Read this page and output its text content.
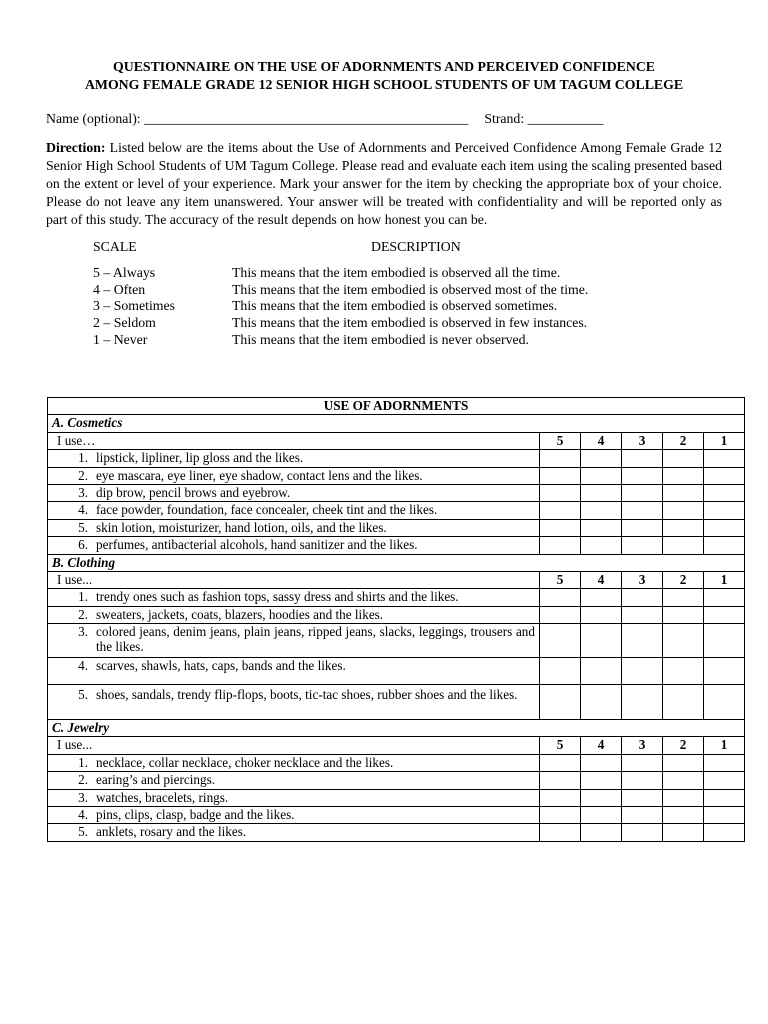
QUESTIONNAIRE ON THE USE OF ADORNMENTS AND PERCEIVED CONFIDENCE
AMONG FEMALE GRADE 12 SENIOR HIGH SCHOOL STUDENTS OF UM TAGUM COLLEGE
Name (optional): _______________________________________________ Strand: ___________
Direction: Listed below are the items about the Use of Adornments and Perceived Confidence Among Female Grade 12 Senior High School Students of UM Tagum College. Please read and evaluate each item using the scaling presented based on the extent or level of your experience. Mark your answer for the item by checking the appropriate box of your choice. Please do not leave any item unanswered. Your answer will be treated with confidentiality and will be reported only as part of this study. The accuracy of the result depends on how honest you can be.
SCALE	DESCRIPTION
5 – Always	This means that the item embodied is observed all the time.
4 – Often	This means that the item embodied is observed most of the time.
3 – Sometimes	This means that the item embodied is observed sometimes.
2 – Seldom	This means that the item embodied is observed in few instances.
1 – Never	This means that the item embodied is never observed.
USE OF ADORNMENTS					
A. Cosmetics					
I use…	5	4	3	2	1

1. lipstick, lipliner, lip gloss and the likes.					

2. eye mascara, eye liner, eye shadow, contact lens and the likes.					

3. dip brow, pencil brows and eyebrow.					

4. face powder, foundation, face concealer, cheek tint and the likes.					

5. skin lotion, moisturizer, hand lotion, oils, and the likes.					

6. perfumes, antibacterial alcohols, hand sanitizer and the likes.					

B. Clothing					
I use...	5	4	3	2	1

1. trendy ones such as fashion tops, sassy dress and shirts and the likes.					

2. sweaters, jackets, coats, blazers, hoodies and the likes.					

3. colored jeans, denim jeans, plain jeans, ripped jeans, slacks, leggings, trousers and the likes.					

4. scarves, shawls, hats, caps, bands and the likes.					

5. shoes, sandals, trendy flip-flops, boots, tic-tac shoes, rubber shoes and the likes.					

C. Jewelry					
I use...	5	4	3	2	1

1. necklace, collar necklace, choker necklace and the likes.					

2. earing’s and piercings.					

3. watches, bracelets, rings.					

4. pins, clips, clasp, badge and the likes.					

5. anklets, rosary and the likes.					
